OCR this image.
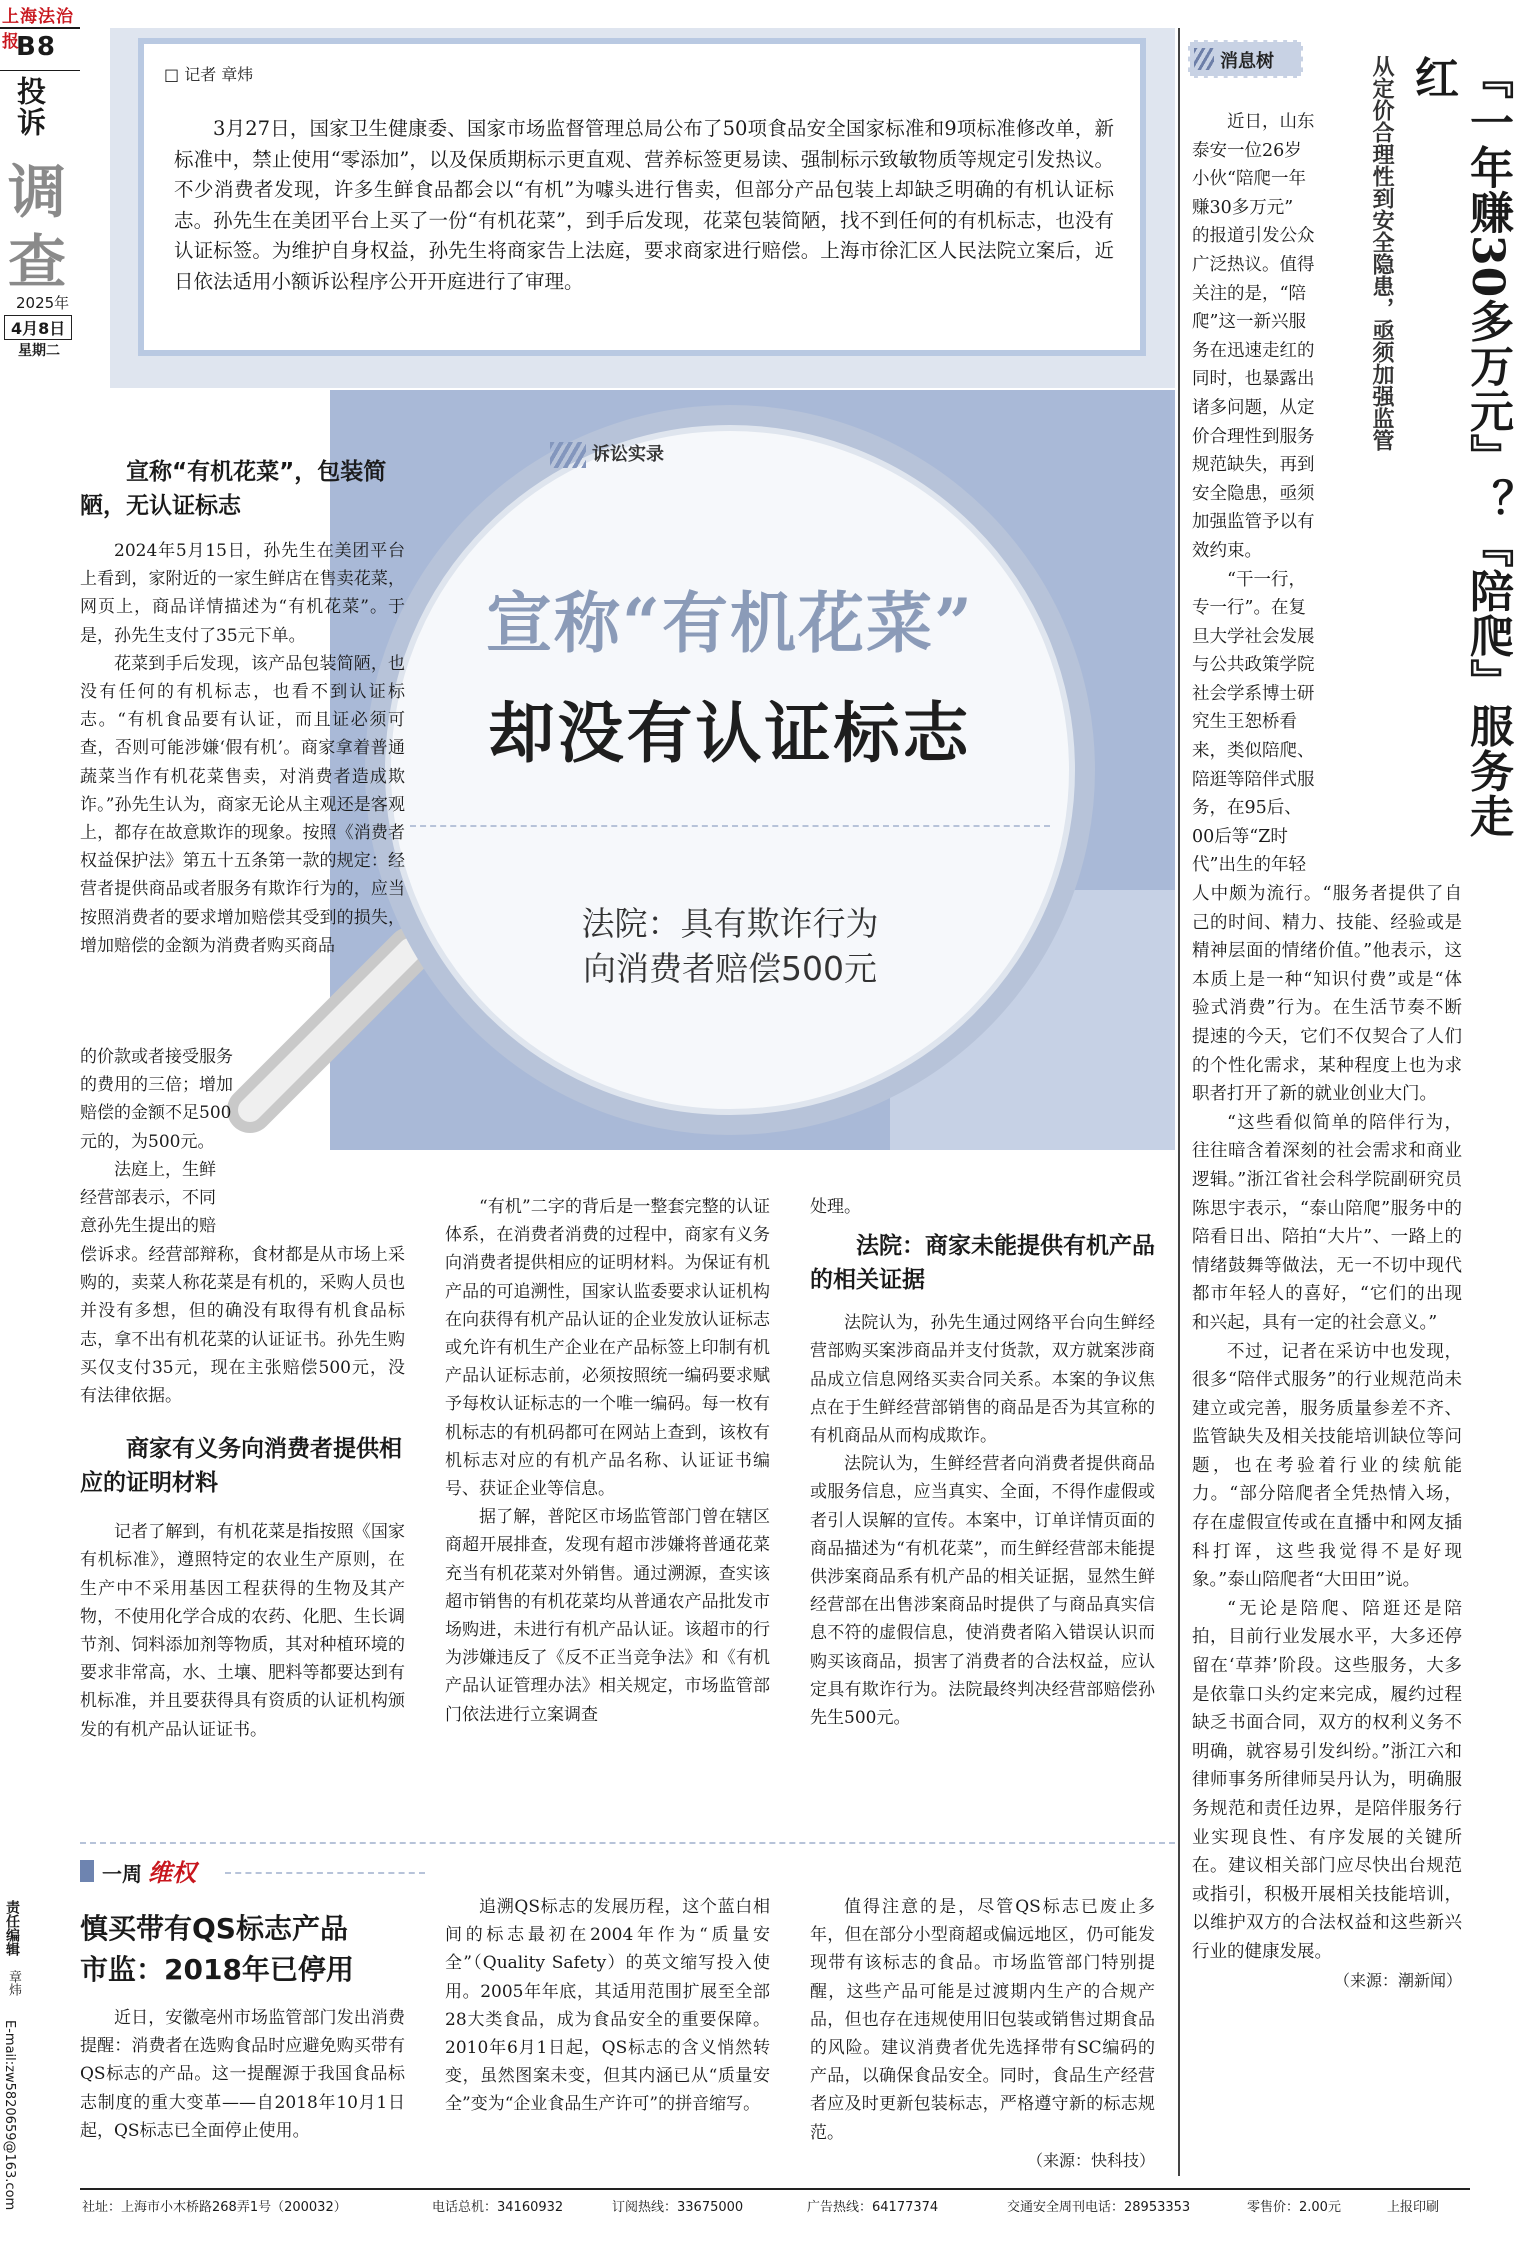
上海法治报
B8
投诉
调
查
2025年
4月8日
星期二
□ 记者 章炜

3月27日，国家卫生健康委、国家市场监督管理总局公布了50项食品安全国家标准和9项标准修改单，新标准中，禁止使用“零添加”，以及保质期标示更直观、营养标签更易读、强制标示致敏物质等规定引发热议。不少消费者发现，许多生鲜食品都会以“有机”为噱头进行售卖，但部分产品包装上却缺乏明确的有机认证标志。孙先生在美团平台上买了一份“有机花菜”，到手后发现，花菜包装简陋，找不到任何的有机标志，也没有认证标签。为维护自身权益，孙先生将商家告上法庭，要求商家进行赔偿。上海市徐汇区人民法院立案后，近日依法适用小额诉讼程序公开开庭进行了审理。

诉讼实录
宣称“有机花菜”
却没有认证标志
法院：具有欺诈行为
向消费者赔偿500元
消息树	『一年赚30多万元』？『陪爬』服务走红
从定价合理性到安全隐患，亟须加强监管
近日，山东
泰安一位26岁
小伙“陪爬一年
赚30多万元”
的报道引发公众
广泛热议。值得
关注的是，“陪
爬”这一新兴服
务在迅速走红的
同时，也暴露出
诸多问题，从定
价合理性到服务
规范缺失，再到
安全隐患，亟须
加强监管予以有
效约束。
“干一行，
专一行”。在复
旦大学社会发展
与公共政策学院
社会学系博士研
究生王恕桥看
来，类似陪爬、
陪逛等陪伴式服
务，在95后、
00后等“Z时
代”出生的年轻

人中颇为流行。“服务者提供了自己的时间、精力、技能、经验或是精神层面的情绪价值。”他表示，这本质上是一种“知识付费”或是“体验式消费”行为。在生活节奏不断提速的今天，它们不仅契合了人们的个性化需求，某种程度上也为求职者打开了新的就业创业大门。

“这些看似简单的陪伴行为，往往暗含着深刻的社会需求和商业逻辑。”浙江省社会科学院副研究员陈思宇表示，“泰山陪爬”服务中的陪看日出、陪拍“大片”、一路上的情绪鼓舞等做法，无一不切中现代都市年轻人的喜好，“它们的出现和兴起，具有一定的社会意义。”

不过，记者在采访中也发现，很多“陪伴式服务”的行业规范尚未建立或完善，服务质量参差不齐、监管缺失及相关技能培训缺位等问题，也在考验着行业的续航能力。“部分陪爬者全凭热情入场，存在虚假宣传或在直播中和网友插科打诨，这些我觉得不是好现象。”泰山陪爬者“大田田”说。

“无论是陪爬、陪逛还是陪拍，目前行业发展水平，大多还停留在‘草莽’阶段。这些服务，大多是依靠口头约定来完成，履约过程缺乏书面合同，双方的权利义务不明确，就容易引发纠纷。”浙江六和律师事务所律师吴丹认为，明确服务规范和责任边界，是陪伴服务行业实现良性、有序发展的关键所在。建议相关部门应尽快出台规范或指引，积极开展相关技能培训，以维护双方的合法权益和这些新兴行业的健康发展。

（来源：潮新闻）
宣称“有机花菜”，包装简陋，无认证标志

2024年5月15日，孙先生在美团平台上看到，家附近的一家生鲜店在售卖花菜，网页上，商品详情描述为“有机花菜”。于是，孙先生支付了35元下单。

花菜到手后发现，该产品包装简陋，也没有任何的有机标志，也看不到认证标志。“有机食品要有认证，而且证必须可查，否则可能涉嫌‘假有机’。商家拿着普通蔬菜当作有机花菜售卖，对消费者造成欺诈。”孙先生认为，商家无论从主观还是客观上，都存在故意欺诈的现象。按照《消费者权益保护法》第五十五条第一款的规定：经营者提供商品或者服务有欺诈行为的，应当按照消费者的要求增加赔偿其受到的损失，增加赔偿的金额为消费者购买商品

的价款或者接受服务
的费用的三倍；增加
赔偿的金额不足500
元的，为500元。
法庭上，生鲜
经营部表示，不同
意孙先生提出的赔

偿诉求。经营部辩称，食材都是从市场上采购的，卖菜人称花菜是有机的，采购人员也并没有多想，但的确没有取得有机食品标志，拿不出有机花菜的认证证书。孙先生购买仅支付35元，现在主张赔偿500元，没有法律依据。

商家有义务向消费者提供相应的证明材料

记者了解到，有机花菜是指按照《国家有机标准》，遵照特定的农业生产原则，在生产中不采用基因工程获得的生物及其产物，不使用化学合成的农药、化肥、生长调节剂、饲料添加剂等物质，其对种植环境的要求非常高，水、土壤、肥料等都要达到有机标准，并且要获得具有资质的认证机构颁发的有机产品认证证书。

“有机”二字的背后是一整套完整的认证体系，在消费者消费的过程中，商家有义务向消费者提供相应的证明材料。为保证有机产品的可追溯性，国家认监委要求认证机构在向获得有机产品认证的企业发放认证标志或允许有机生产企业在产品标签上印制有机产品认证标志前，必须按照统一编码要求赋予每枚认证标志的一个唯一编码。每一枚有机标志的有机码都可在网站上查到，该枚有机标志对应的有机产品名称、认证证书编号、获证企业等信息。

据了解，普陀区市场监管部门曾在辖区商超开展排查，发现有超市涉嫌将普通花菜充当有机花菜对外销售。通过溯源，查实该超市销售的有机花菜均从普通农产品批发市场购进，未进行有机产品认证。该超市的行为涉嫌违反了《反不正当竞争法》和《有机产品认证管理办法》相关规定，市场监管部门依法进行立案调查

处理。

法院：商家未能提供有机产品的相关证据

法院认为，孙先生通过网络平台向生鲜经营部购买案涉商品并支付货款，双方就案涉商品成立信息网络买卖合同关系。本案的争议焦点在于生鲜经营部销售的商品是否为其宣称的有机商品从而构成欺诈。

法院认为，生鲜经营者向消费者提供商品或服务信息，应当真实、全面，不得作虚假或者引人误解的宣传。本案中，订单详情页面的商品描述为“有机花菜”，而生鲜经营部未能提供涉案商品系有机产品的相关证据，显然生鲜经营部在出售涉案商品时提供了与商品真实信息不符的虚假信息，使消费者陷入错误认识而购买该商品，损害了消费者的合法权益，应认定具有欺诈行为。法院最终判决经营部赔偿孙先生500元。

一周 维权
慎买带有QS标志产品
市监：2018年已停用

近日，安徽亳州市场监管部门发出消费提醒：消费者在选购食品时应避免购买带有QS标志的产品。这一提醒源于我国食品标志制度的重大变革——自2018年10月1日起，QS标志已全面停止使用。

追溯QS标志的发展历程，这个蓝白相间的标志最初在2004年作为“质量安全”（Quality Safety）的英文缩写投入使用。2005年年底，其适用范围扩展至全部28大类食品，成为食品安全的重要保障。2010年6月1日起，QS标志的含义悄然转变，虽然图案未变，但其内涵已从“质量安全”变为“企业食品生产许可”的拼音缩写。

值得注意的是，尽管QS标志已废止多年，但在部分小型商超或偏远地区，仍可能发现带有该标志的食品。市场监管部门特别提醒，这些产品可能是过渡期内生产的合规产品，但也存在违规使用旧包装或销售过期食品的风险。建议消费者优先选择带有SC编码的产品，以确保食品安全。同时，食品生产经营者应及时更新包装标志，严格遵守新的标志规范。

（来源：快科技）
责任编辑
章炜
E-mail:zw5820659@163.com	社址：上海市小木桥路268弄1号（200032）	电话总机：34160932	订阅热线：33675000	广告热线：64177374	交通安全周刊电话：28953353	零售价：2.00元	上报印刷
